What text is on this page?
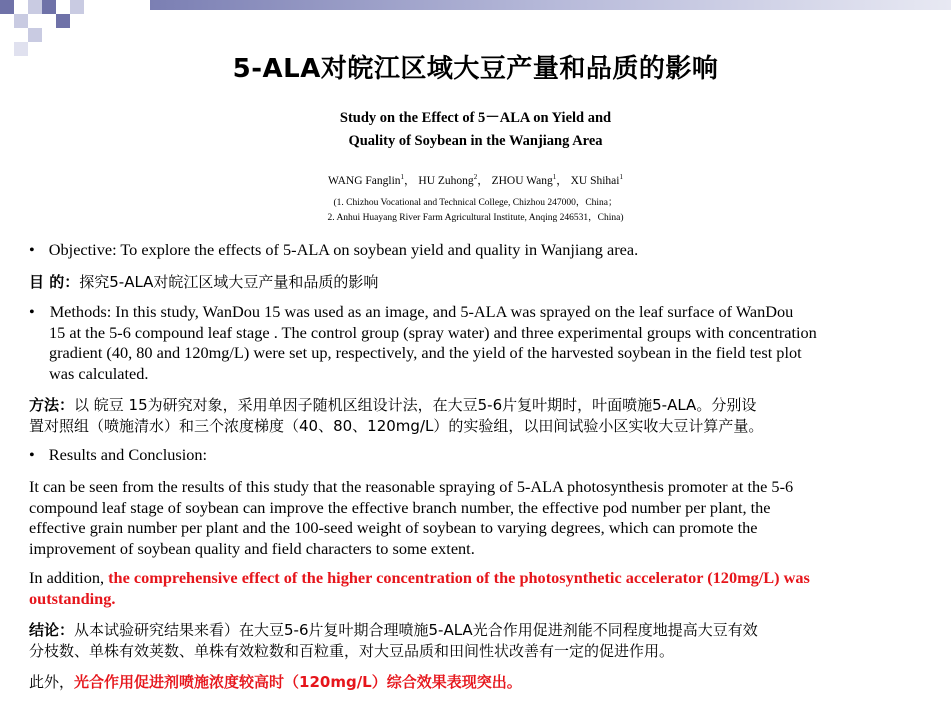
5-ALA对皖江区域大豆产量和品质的影响
Study on the Effect of 5－ALA on Yield and
Quality of Soybean in the Wanjiang Area
WANG Fanglin$^1$， HU Zuhong$^2$， ZHOU Wang$^1$， XU Shihai$^1$
(1. Chizhou Vocational and Technical College, Chizhou 247000，China；
2. Anhui Huayang River Farm Agricultural Institute, Anqing 246531，China)
• Objective: To explore the effects of 5-ALA on soybean yield and quality in Wanjiang area.
目 的：探究5-ALA对皖江区域大豆产量和品质的影响
• Methods: In this study, WanDou 15 was used as an image, and 5-ALA was sprayed on the leaf surface of WanDou
15 at the 5-6 compound leaf stage . The control group (spray water) and three experimental groups with concentration
gradient (40, 80 and 120mg/L) were set up, respectively, and the yield of the harvested soybean in the field test plot
was calculated.
方法：以 皖豆 15为研究对象，采用单因子随机区组设计法，在大豆5-6片复叶期时，叶面喷施5-ALA。分别设
置对照组（喷施清水）和三个浓度梯度（40、80、120mg/L）的实验组，以田间试验小区实收大豆计算产量。
• Results and Conclusion:
It can be seen from the results of this study that the reasonable spraying of 5-ALA photosynthesis promoter at the 5-6
compound leaf stage of soybean can improve the effective branch number, the effective pod number per plant, the
effective grain number per plant and the 100-seed weight of soybean to varying degrees, which can promote the
improvement of soybean quality and field characters to some extent.
In addition, the comprehensive effect of the higher concentration of the photosynthetic accelerator (120mg/L) was
outstanding.
结论：从本试验研究结果来看）在大豆5-6片复叶期合理喷施5-ALA光合作用促进剂能不同程度地提高大豆有效
分枝数、单株有效荚数、单株有效粒数和百粒重，对大豆品质和田间性状改善有一定的促进作用。
此外，光合作用促进剂喷施浓度较高时（120mg/L）综合效果表现突出。
